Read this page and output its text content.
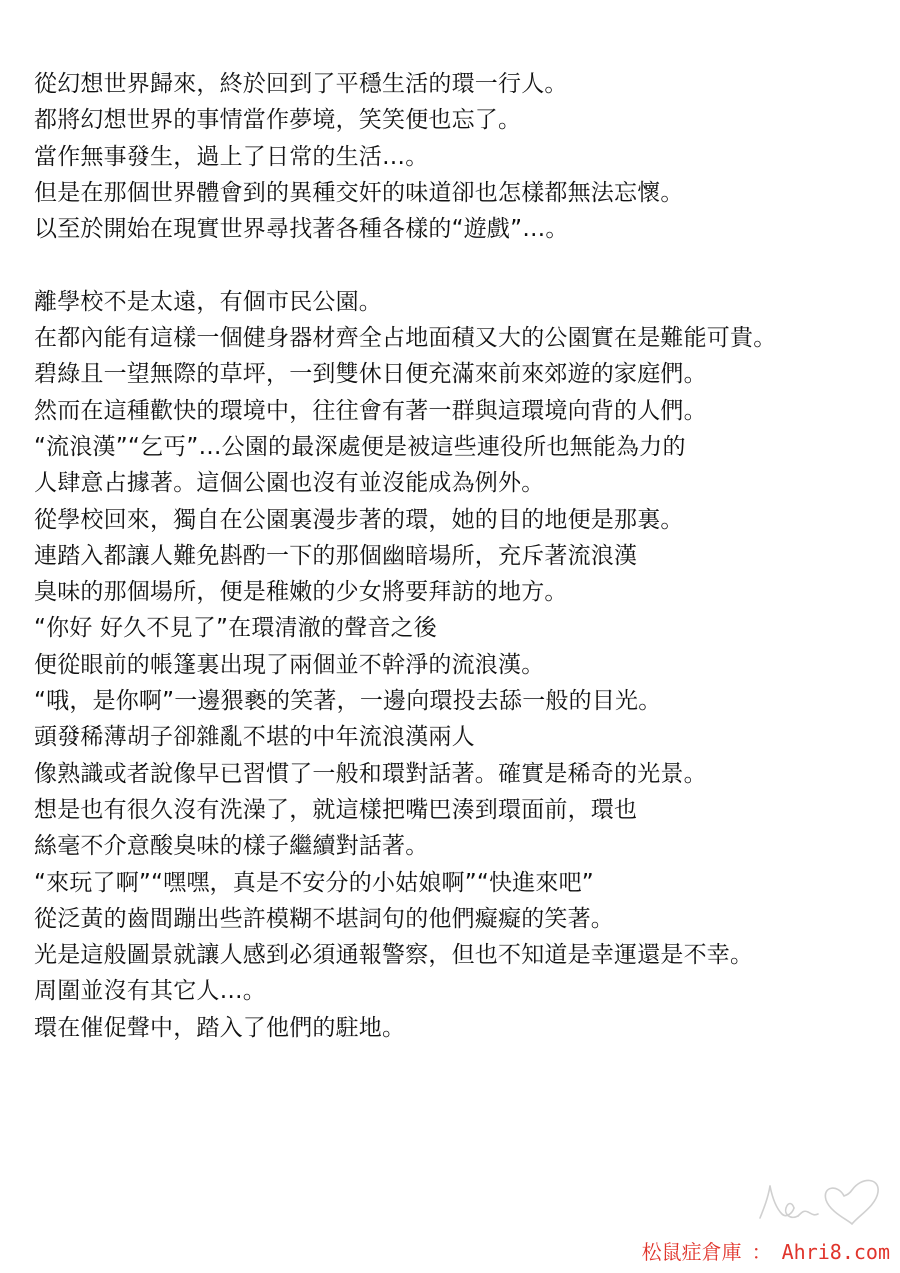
從幻想世界歸來，終於回到了平穩生活的環一行人。
都將幻想世界的事情當作夢境，笑笑便也忘了。
當作無事發生，過上了日常的生活…。
但是在那個世界體會到的異種交奸的味道卻也怎樣都無法忘懷。
以至於開始在現實世界尋找著各種各樣的“遊戲”…。
離學校不是太遠，有個市民公園。
在都內能有這樣一個健身器材齊全占地面積又大的公園實在是難能可貴。
碧綠且一望無際的草坪，一到雙休日便充滿來前來郊遊的家庭們。
然而在這種歡快的環境中，往往會有著一群與這環境向背的人們。
“流浪漢”“乞丐”…公園的最深處便是被這些連役所也無能為力的
人肆意占據著。這個公園也沒有並沒能成為例外。
從學校回來，獨自在公園裏漫步著的環，她的目的地便是那裏。
連踏入都讓人難免斟酌一下的那個幽暗場所，充斥著流浪漢
臭味的那個場所，便是稚嫩的少女將要拜訪的地方。
“你好 好久不見了”在環清澈的聲音之後
便從眼前的帳篷裏出現了兩個並不幹淨的流浪漢。
“哦，是你啊”一邊猥褻的笑著，一邊向環投去舔一般的目光。
頭發稀薄胡子卻雜亂不堪的中年流浪漢兩人
像熟識或者說像早已習慣了一般和環對話著。確實是稀奇的光景。
想是也有很久沒有洗澡了，就這樣把嘴巴湊到環面前，環也
絲毫不介意酸臭味的樣子繼續對話著。
“來玩了啊”“嘿嘿，真是不安分的小姑娘啊”“快進來吧”
從泛黃的齒間蹦出些許模糊不堪詞句的他們癡癡的笑著。
光是這般圖景就讓人感到必須通報警察，但也不知道是幸運還是不幸。
周圍並沒有其它人…。
環在催促聲中，踏入了他們的駐地。
松鼠症倉庫 ： Ahri8.com
